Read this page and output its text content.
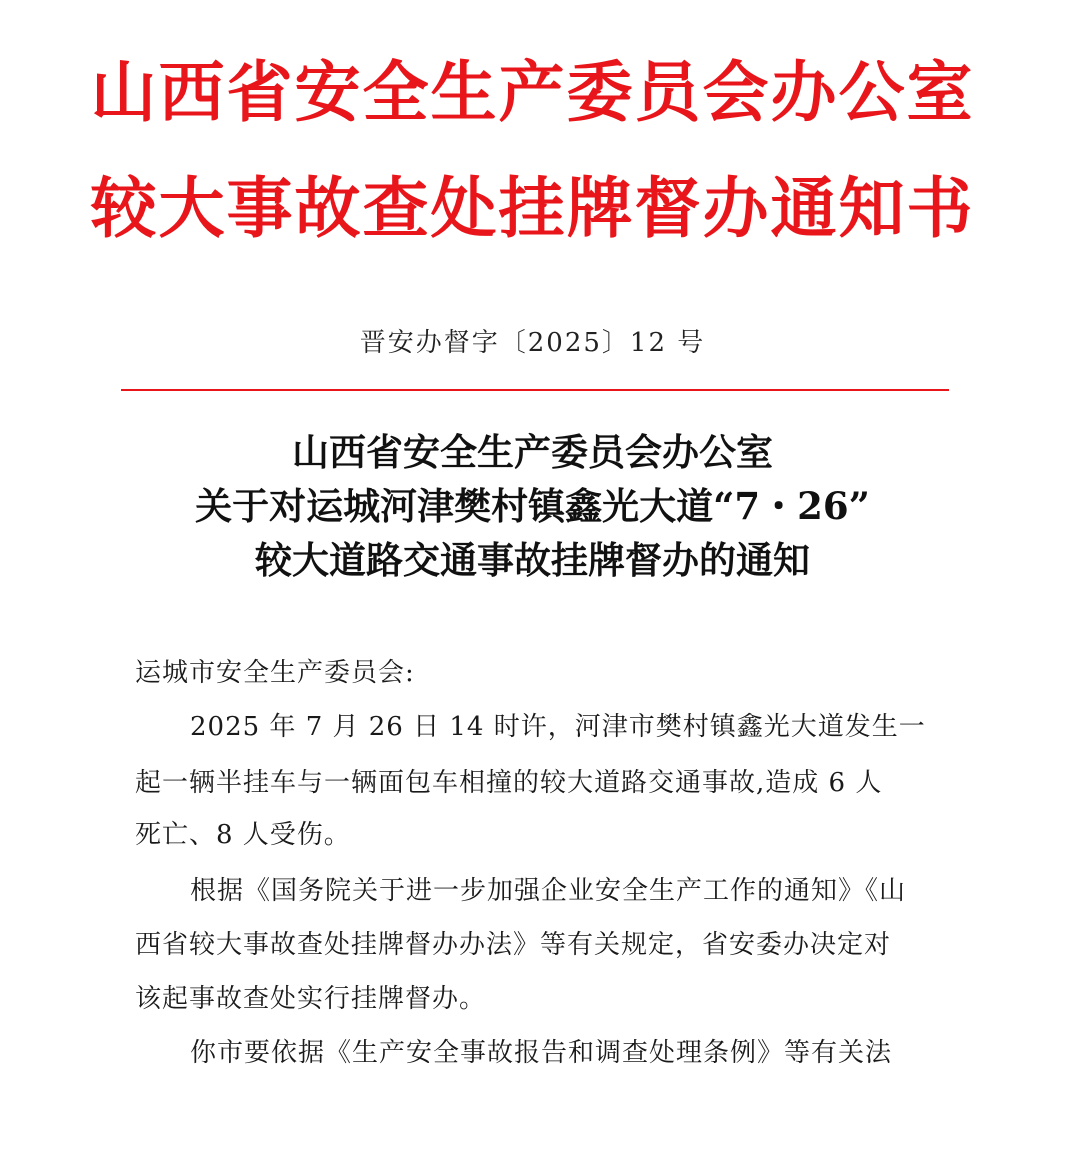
山西省安全生产委员会办公室
较大事故查处挂牌督办通知书
晋安办督字〔2025〕12 号
山西省安全生产委员会办公室
关于对运城河津樊村镇鑫光大道“7・26”
较大道路交通事故挂牌督办的通知
运城市安全生产委员会:
2025 年 7 月 26 日 14 时许，河津市樊村镇鑫光大道发生一
起一辆半挂车与一辆面包车相撞的较大道路交通事故,造成 6 人
死亡、8 人受伤。
根据《国务院关于进一步加强企业安全生产工作的通知》《山
西省较大事故查处挂牌督办办法》等有关规定，省安委办决定对
该起事故查处实行挂牌督办。
你市要依据《生产安全事故报告和调查处理条例》等有关法
